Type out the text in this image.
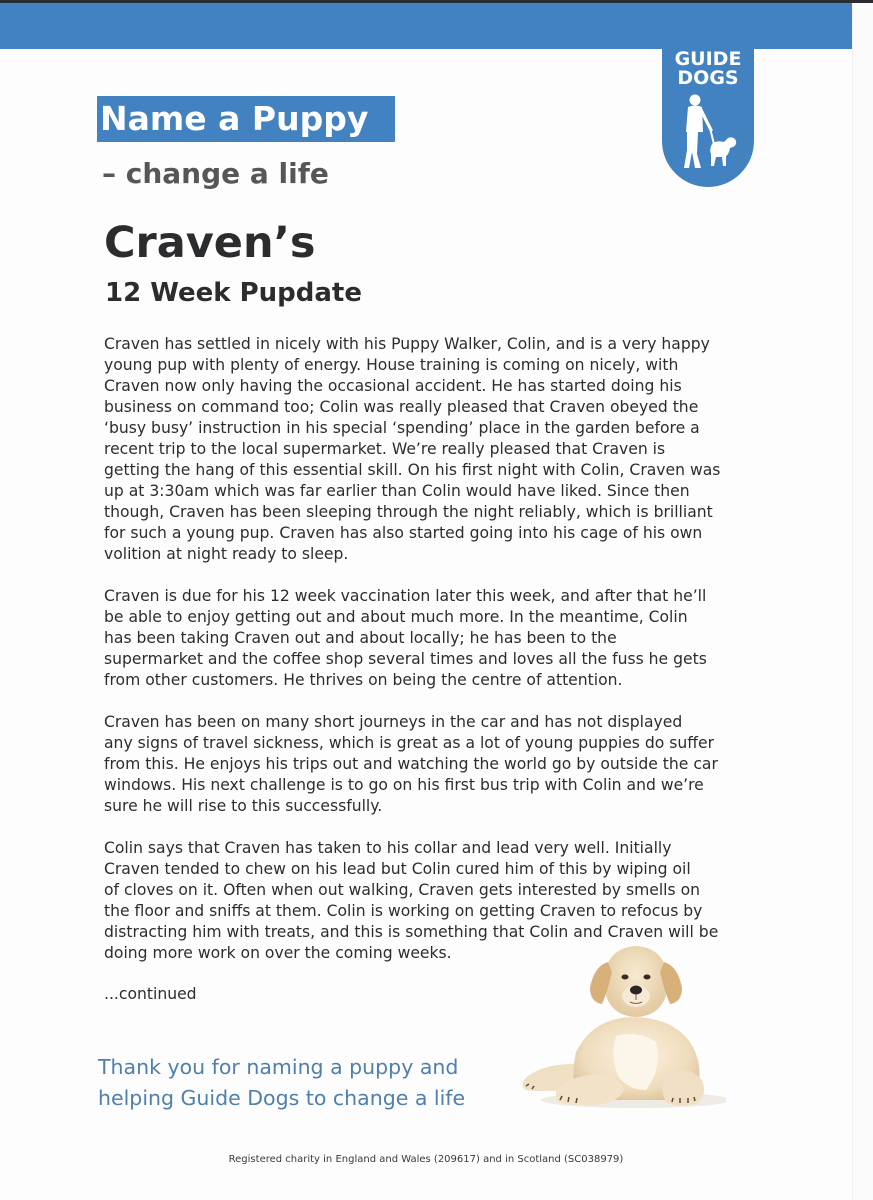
GUIDE
DOGS
Name a Puppy
– change a life
Craven’s
12 Week Pupdate

Craven has settled in nicely with his Puppy Walker, Colin, and is a very happy
young pup with plenty of energy. House training is coming on nicely, with
Craven now only having the occasional accident. He has started doing his
business on command too; Colin was really pleased that Craven obeyed the
‘busy busy’ instruction in his special ‘spending’ place in the garden before a
recent trip to the local supermarket. We’re really pleased that Craven is
getting the hang of this essential skill. On his first night with Colin, Craven was
up at 3:30am which was far earlier than Colin would have liked. Since then
though, Craven has been sleeping through the night reliably, which is brilliant
for such a young pup. Craven has also started going into his cage of his own
volition at night ready to sleep.

Craven is due for his 12 week vaccination later this week, and after that he’ll
be able to enjoy getting out and about much more. In the meantime, Colin
has been taking Craven out and about locally; he has been to the
supermarket and the coffee shop several times and loves all the fuss he gets
from other customers. He thrives on being the centre of attention.

Craven has been on many short journeys in the car and has not displayed
any signs of travel sickness, which is great as a lot of young puppies do suffer
from this. He enjoys his trips out and watching the world go by outside the car
windows. His next challenge is to go on his first bus trip with Colin and we’re
sure he will rise to this successfully.

Colin says that Craven has taken to his collar and lead very well. Initially
Craven tended to chew on his lead but Colin cured him of this by wiping oil
of cloves on it. Often when out walking, Craven gets interested by smells on
the floor and sniffs at them. Colin is working on getting Craven to refocus by
distracting him with treats, and this is something that Colin and Craven will be
doing more work on over the coming weeks.

...continued
Thank you for naming a puppy and
helping Guide Dogs to change a life
Registered charity in England and Wales (209617) and in Scotland (SC038979)
